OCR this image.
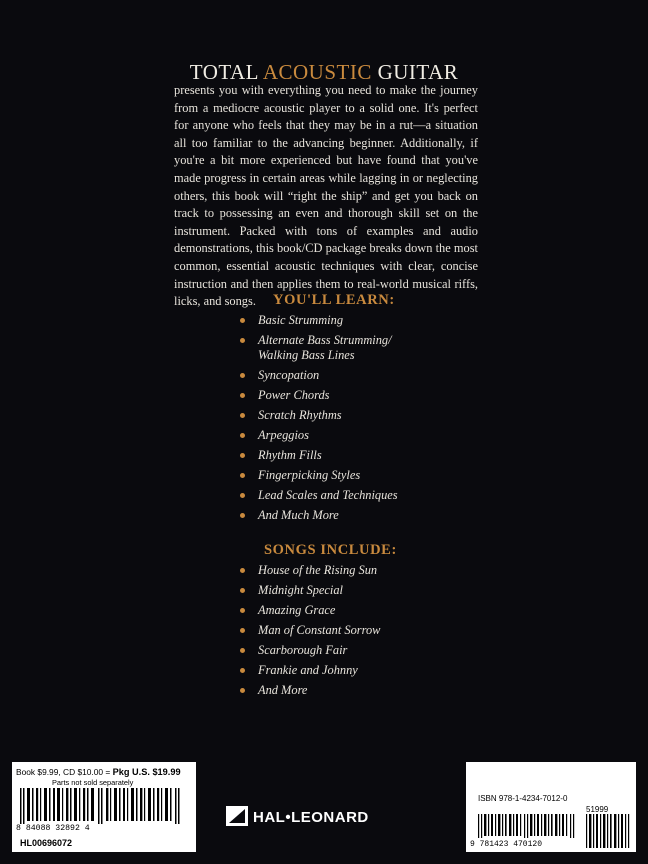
TOTAL ACOUSTIC GUITAR

presents you with everything you need to make the journey from a mediocre acoustic player to a solid one. It's perfect for anyone who feels that they may be in a rut—a situation all too familiar to the advancing beginner. Additionally, if you're a bit more experienced but have found that you've made progress in certain areas while lagging in or neglecting others, this book will “right the ship” and get you back on track to possessing an even and thorough skill set on the instrument. Packed with tons of examples and audio demonstrations, this book/CD package breaks down the most common, essential acoustic techniques with clear, concise instruction and then applies them to real-world musical riffs, licks, and songs.	YOU'LL LEARN:
Basic Strumming
Alternate Bass Strumming/ Walking Bass Lines
Syncopation
Power Chords
Scratch Rhythms
Arpeggios
Rhythm Fills
Fingerpicking Styles
Lead Scales and Techniques
And Much More
SONGS INCLUDE:
House of the Rising Sun
Midnight Special
Amazing Grace
Man of Constant Sorrow
Scarborough Fair
Frankie and Johnny
And More
Book $9.99, CD $10.00 = Pkg U.S. $19.99
Parts not sold separately
8 84088 32892 4
HL00696072
HAL•LEONARD
ISBN 978-1-4234-7012-0
51999
9 781423 470120
